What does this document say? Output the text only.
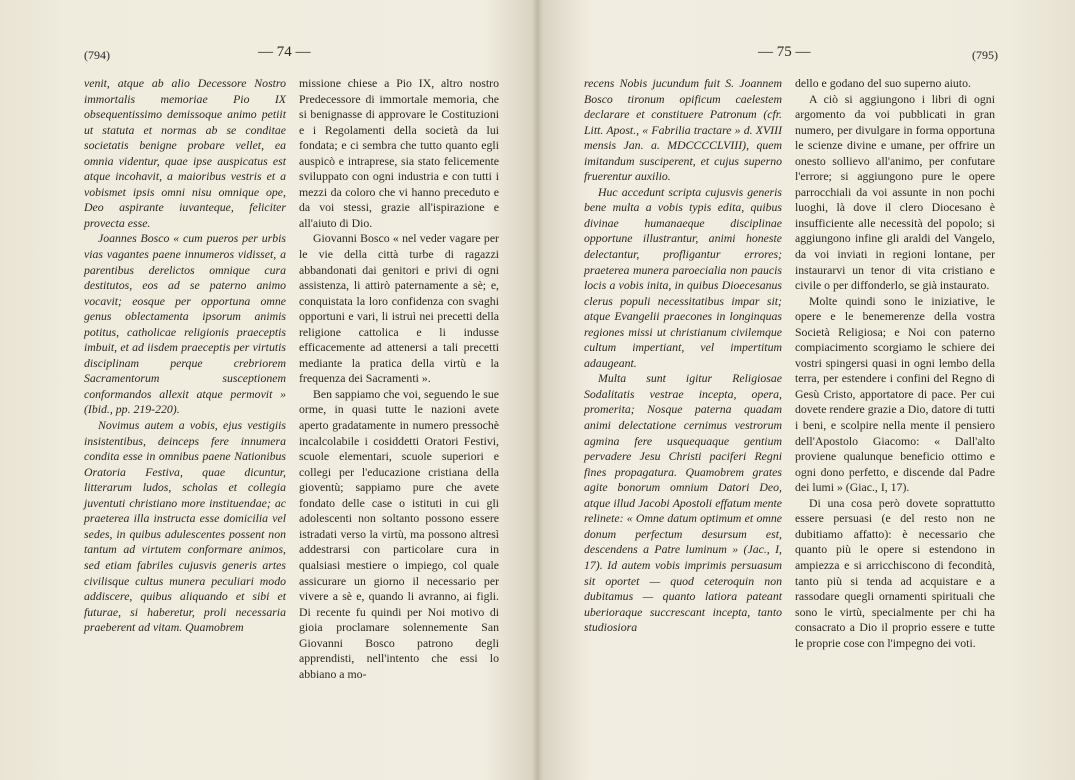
(794)	— 74 —

venit, atque ab alio Decessore Nostro immortalis memoriae Pio IX obsequentissimo demissoque animo petiit ut statuta et normas ab se conditae societatis benigne probare vellet, ea omnia videntur, quae ipse auspicatus est atque incohavit, a maioribus vestris et a vobismet ipsis omni nisu omnique ope, Deo aspirante iuvanteque, feliciter provecta esse.

Joannes Bosco « cum pueros per urbis vias vagantes paene innumeros vidisset, a parentibus derelictos omnique cura destitutos, eos ad se paterno animo vocavit; eosque per opportuna omne genus oblectamenta ipsorum animis potitus, catholicae religionis praeceptis imbuit, et ad iisdem praeceptis per virtutis disciplinam perque crebriorem Sacramentorum susceptionem conformandos allexit atque permovit » (Ibid., pp. 219-220).

Novimus autem a vobis, ejus vestigiis insistentibus, deinceps fere innumera condita esse in omnibus paene Nationibus Oratoria Festiva, quae dicuntur, litterarum ludos, scholas et collegia juventuti christiano more instituendae; ac praeterea illa instructa esse domicilia vel sedes, in quibus adulescentes possent non tantum ad virtutem conformare animos, sed etiam fabriles cujusvis generis artes civilisque cultus munera peculiari modo addiscere, quibus aliquando et sibi et futurae, si haberetur, proli necessaria praeberent ad vitam. Quamobrem

missione chiese a Pio IX, altro nostro Predecessore di immortale memoria, che si benignasse di approvare le Costituzioni e i Regolamenti della società da lui fondata; e ci sembra che tutto quanto egli auspicò e intraprese, sia stato felicemente sviluppato con ogni industria e con tutti i mezzi da coloro che vi hanno preceduto e da voi stessi, grazie all'ispirazione e all'aiuto di Dio.

Giovanni Bosco « nel veder vagare per le vie della città turbe di ragazzi abbandonati dai genitori e privi di ogni assistenza, li attirò paternamente a sè; e, conquistata la loro confidenza con svaghi opportuni e vari, li istruì nei precetti della religione cattolica e li indusse efficacemente ad attenersi a tali precetti mediante la pratica della virtù e la frequenza dei Sacramenti ».

Ben sappiamo che voi, seguendo le sue orme, in quasi tutte le nazioni avete aperto gradatamente in numero pressochè incalcolabile i cosiddetti Oratori Festivi, scuole elementari, scuole superiori e collegi per l'educazione cristiana della gioventù; sappiamo pure che avete fondato delle case o istituti in cui gli adolescenti non soltanto possono essere istradati verso la virtù, ma possono altresì addestrarsi con particolare cura in qualsiasi mestiere o impiego, col quale assicurare un giorno il necessario per vivere a sè e, quando li avranno, ai figli. Di recente fu quindi per Noi motivo di gioia proclamare solennemente San Giovanni Bosco patrono degli apprendisti, nell'intento che essi lo abbiano a mo-

— 75 —	(795)

recens Nobis jucundum fuit S. Joannem Bosco tironum opificum caelestem declarare et constituere Patronum (cfr. Litt. Apost., « Fabrilia tractare » d. XVIII mensis Jan. a. MDCCCCLVIII), quem imitandum susciperent, et cujus superno fruerentur auxilio.

Huc accedunt scripta cujusvis generis bene multa a vobis typis edita, quibus divinae humanaeque disciplinae opportune illustrantur, animi honeste delectantur, profligantur errores; praeterea munera paroecialia non paucis locis a vobis inita, in quibus Dioecesanus clerus populi necessitatibus impar sit; atque Evangelii praecones in longinquas regiones missi ut christianum civilemque cultum impertiant, vel impertitum adaugeant.

Multa sunt igitur Religiosae Sodalitatis vestrae incepta, opera, promerita; Nosque paterna quadam animi delectatione cernimus vestrorum agmina fere usquequaque gentium pervadere Jesu Christi paciferi Regni fines propagatura. Quamobrem grates agite bonorum omnium Datori Deo, atque illud Jacobi Apostoli effatum mente relinete: « Omne datum optimum et omne donum perfectum desursum est, descendens a Patre luminum » (Jac., I, 17). Id autem vobis imprimis persuasum sit oportet — quod ceteroquin non dubitamus — quanto latiora pateant uberioraque succrescant incepta, tanto studiosiora

dello e godano del suo superno aiuto.

A ciò si aggiungono i libri di ogni argomento da voi pubblicati in gran numero, per divulgare in forma opportuna le scienze divine e umane, per offrire un onesto sollievo all'animo, per confutare l'errore; si aggiungono pure le opere parrocchiali da voi assunte in non pochi luoghi, là dove il clero Diocesano è insufficiente alle necessità del popolo; si aggiungono infine gli araldi del Vangelo, da voi inviati in regioni lontane, per instaurarvi un tenor di vita cristiano e civile o per diffonderlo, se già instaurato.

Molte quindi sono le iniziative, le opere e le benemerenze della vostra Società Religiosa; e Noi con paterno compiacimento scorgiamo le schiere dei vostri spingersi quasi in ogni lembo della terra, per estendere i confini del Regno di Gesù Cristo, apportatore di pace. Per cui dovete rendere grazie a Dio, datore di tutti i beni, e scolpire nella mente il pensiero dell'Apostolo Giacomo: « Dall'alto proviene qualunque beneficio ottimo e ogni dono perfetto, e discende dal Padre dei lumi » (Giac., I, 17).

Di una cosa però dovete soprattutto essere persuasi (e del resto non ne dubitiamo affatto): è necessario che quanto più le opere si estendono in ampiezza e si arricchiscono di fecondità, tanto più si tenda ad acquistare e a rassodare quegli ornamenti spirituali che sono le virtù, specialmente per chi ha consacrato a Dio il proprio essere e tutte le proprie cose con l'impegno dei voti.
